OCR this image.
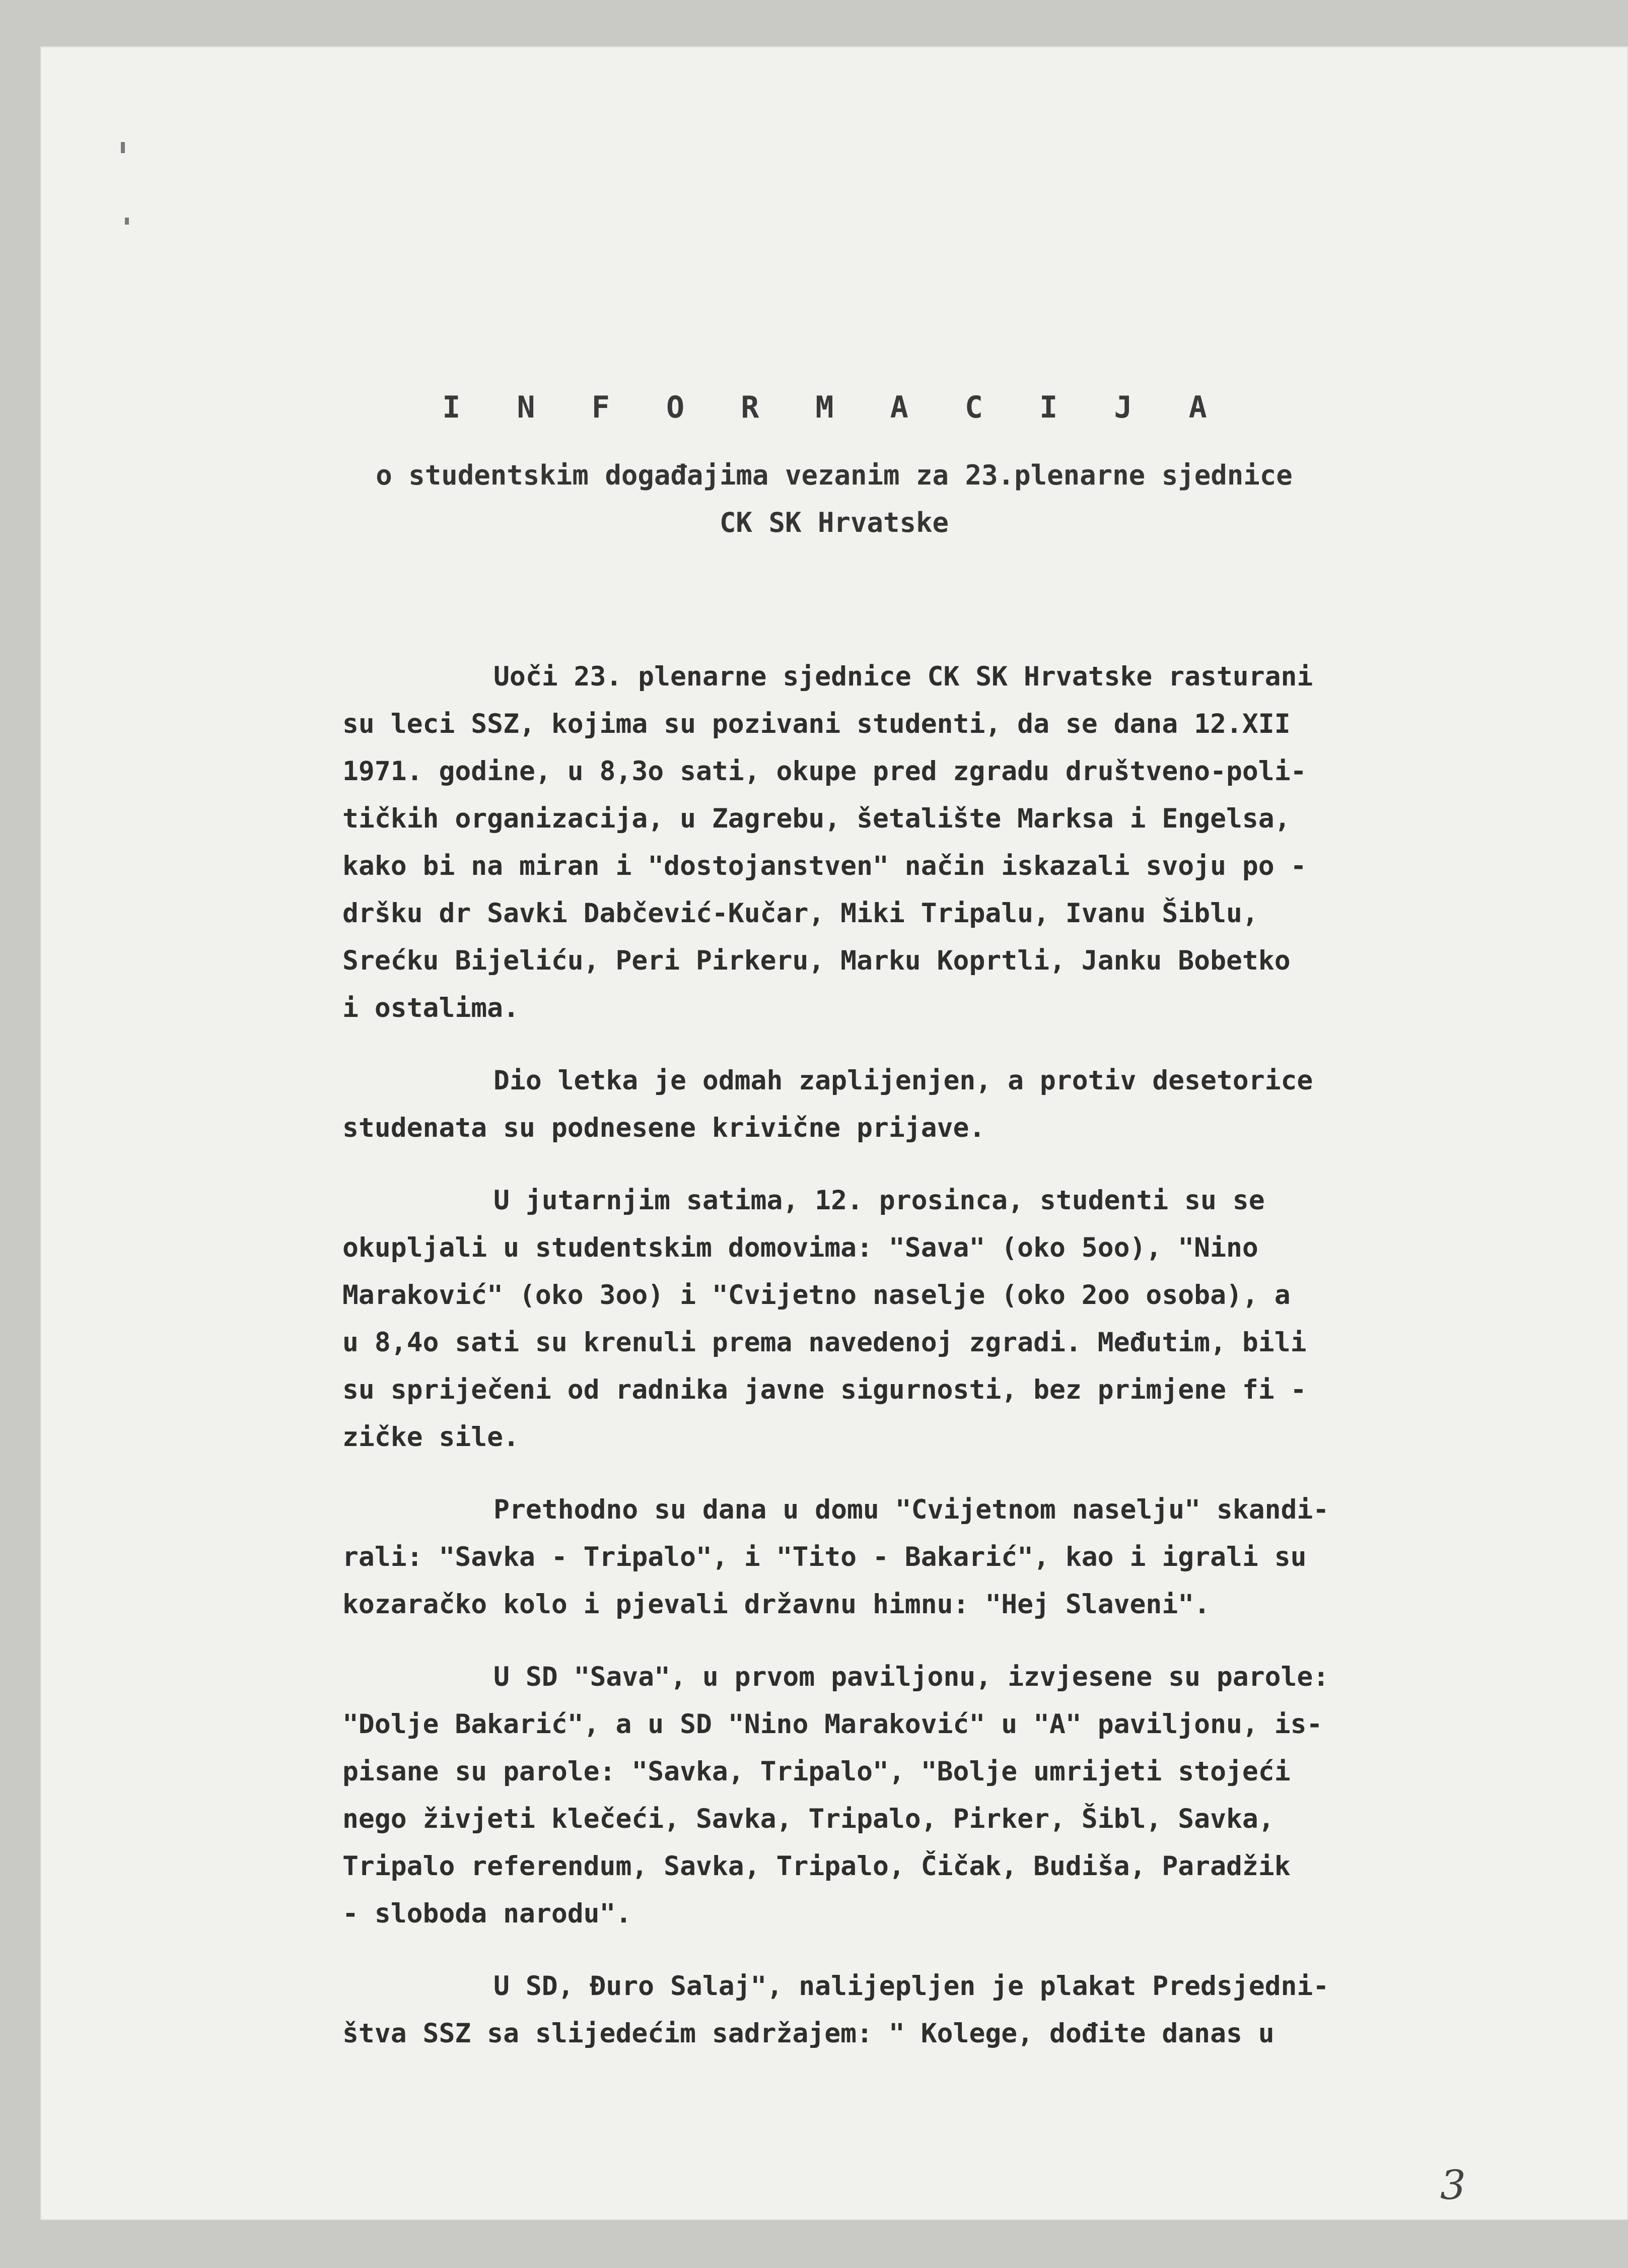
I N F O R M A C I J A
o studentskim događajima vezanim za 23.plenarne sjednice
CK SK Hrvatske
Uoči 23. plenarne sjednice CK SK Hrvatske rasturani
su leci SSZ, kojima su pozivani studenti, da se dana 12.XII
1971. godine, u 8,3o sati, okupe pred zgradu društveno-poli-
tičkih organizacija, u Zagrebu, šetalište Marksa i Engelsa,
kako bi na miran i "dostojanstven" način iskazali svoju po -
dršku dr Savki Dabčević-Kučar, Miki Tripalu, Ivanu Šiblu,
Srećku Bijeliću, Peri Pirkeru, Marku Koprtli, Janku Bobetko
i ostalima.
Dio letka je odmah zaplijenjen, a protiv desetorice
studenata su podnesene krivične prijave.
U jutarnjim satima, 12. prosinca, studenti su se
okupljali u studentskim domovima: "Sava" (oko 5oo), "Nino
Maraković" (oko 3oo) i "Cvijetno naselje (oko 2oo osoba), a
u 8,4o sati su krenuli prema navedenoj zgradi. Međutim, bili
su spriječeni od radnika javne sigurnosti, bez primjene fi -
zičke sile.
Prethodno su dana u domu "Cvijetnom naselju" skandi-
rali: "Savka - Tripalo", i "Tito - Bakarić", kao i igrali su
kozaračko kolo i pjevali državnu himnu: "Hej Slaveni".
U SD "Sava", u prvom paviljonu, izvjesene su parole:
"Dolje Bakarić", a u SD "Nino Maraković" u "A" paviljonu, is-
pisane su parole: "Savka, Tripalo", "Bolje umrijeti stojeći
nego živjeti klečeći, Savka, Tripalo, Pirker, Šibl, Savka,
Tripalo referendum, Savka, Tripalo, Čičak, Budiša, Paradžik
- sloboda narodu".
U SD, Đuro Salaj", nalijepljen je plakat Predsjedni-
štva SSZ sa slijedećim sadržajem: " Kolege, dođite danas u
3
